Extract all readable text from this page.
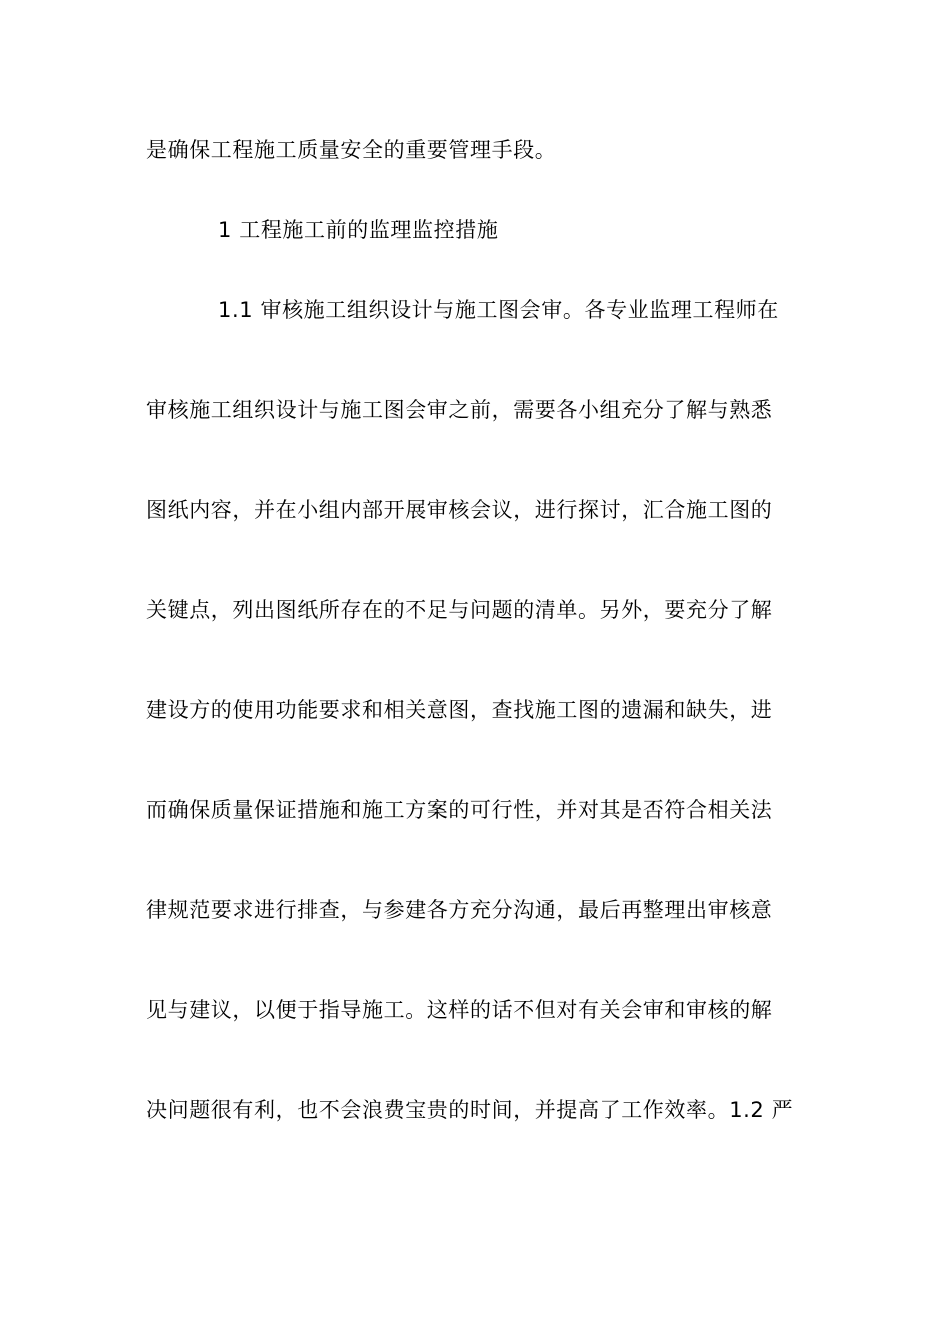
是确保工程施工质量安全的重要管理手段。
1 工程施工前的监理监控措施
1.1 审核施工组织设计与施工图会审。各专业监理工程师在
审核施工组织设计与施工图会审之前，需要各小组充分了解与熟悉
图纸内容，并在小组内部开展审核会议，进行探讨，汇合施工图的
关键点，列出图纸所存在的不足与问题的清单。另外，要充分了解
建设方的使用功能要求和相关意图，查找施工图的遗漏和缺失，进
而确保质量保证措施和施工方案的可行性，并对其是否符合相关法
律规范要求进行排查，与参建各方充分沟通，最后再整理出审核意
见与建议，以便于指导施工。这样的话不但对有关会审和审核的解
决问题很有利，也不会浪费宝贵的时间，并提高了工作效率。1.2 严
